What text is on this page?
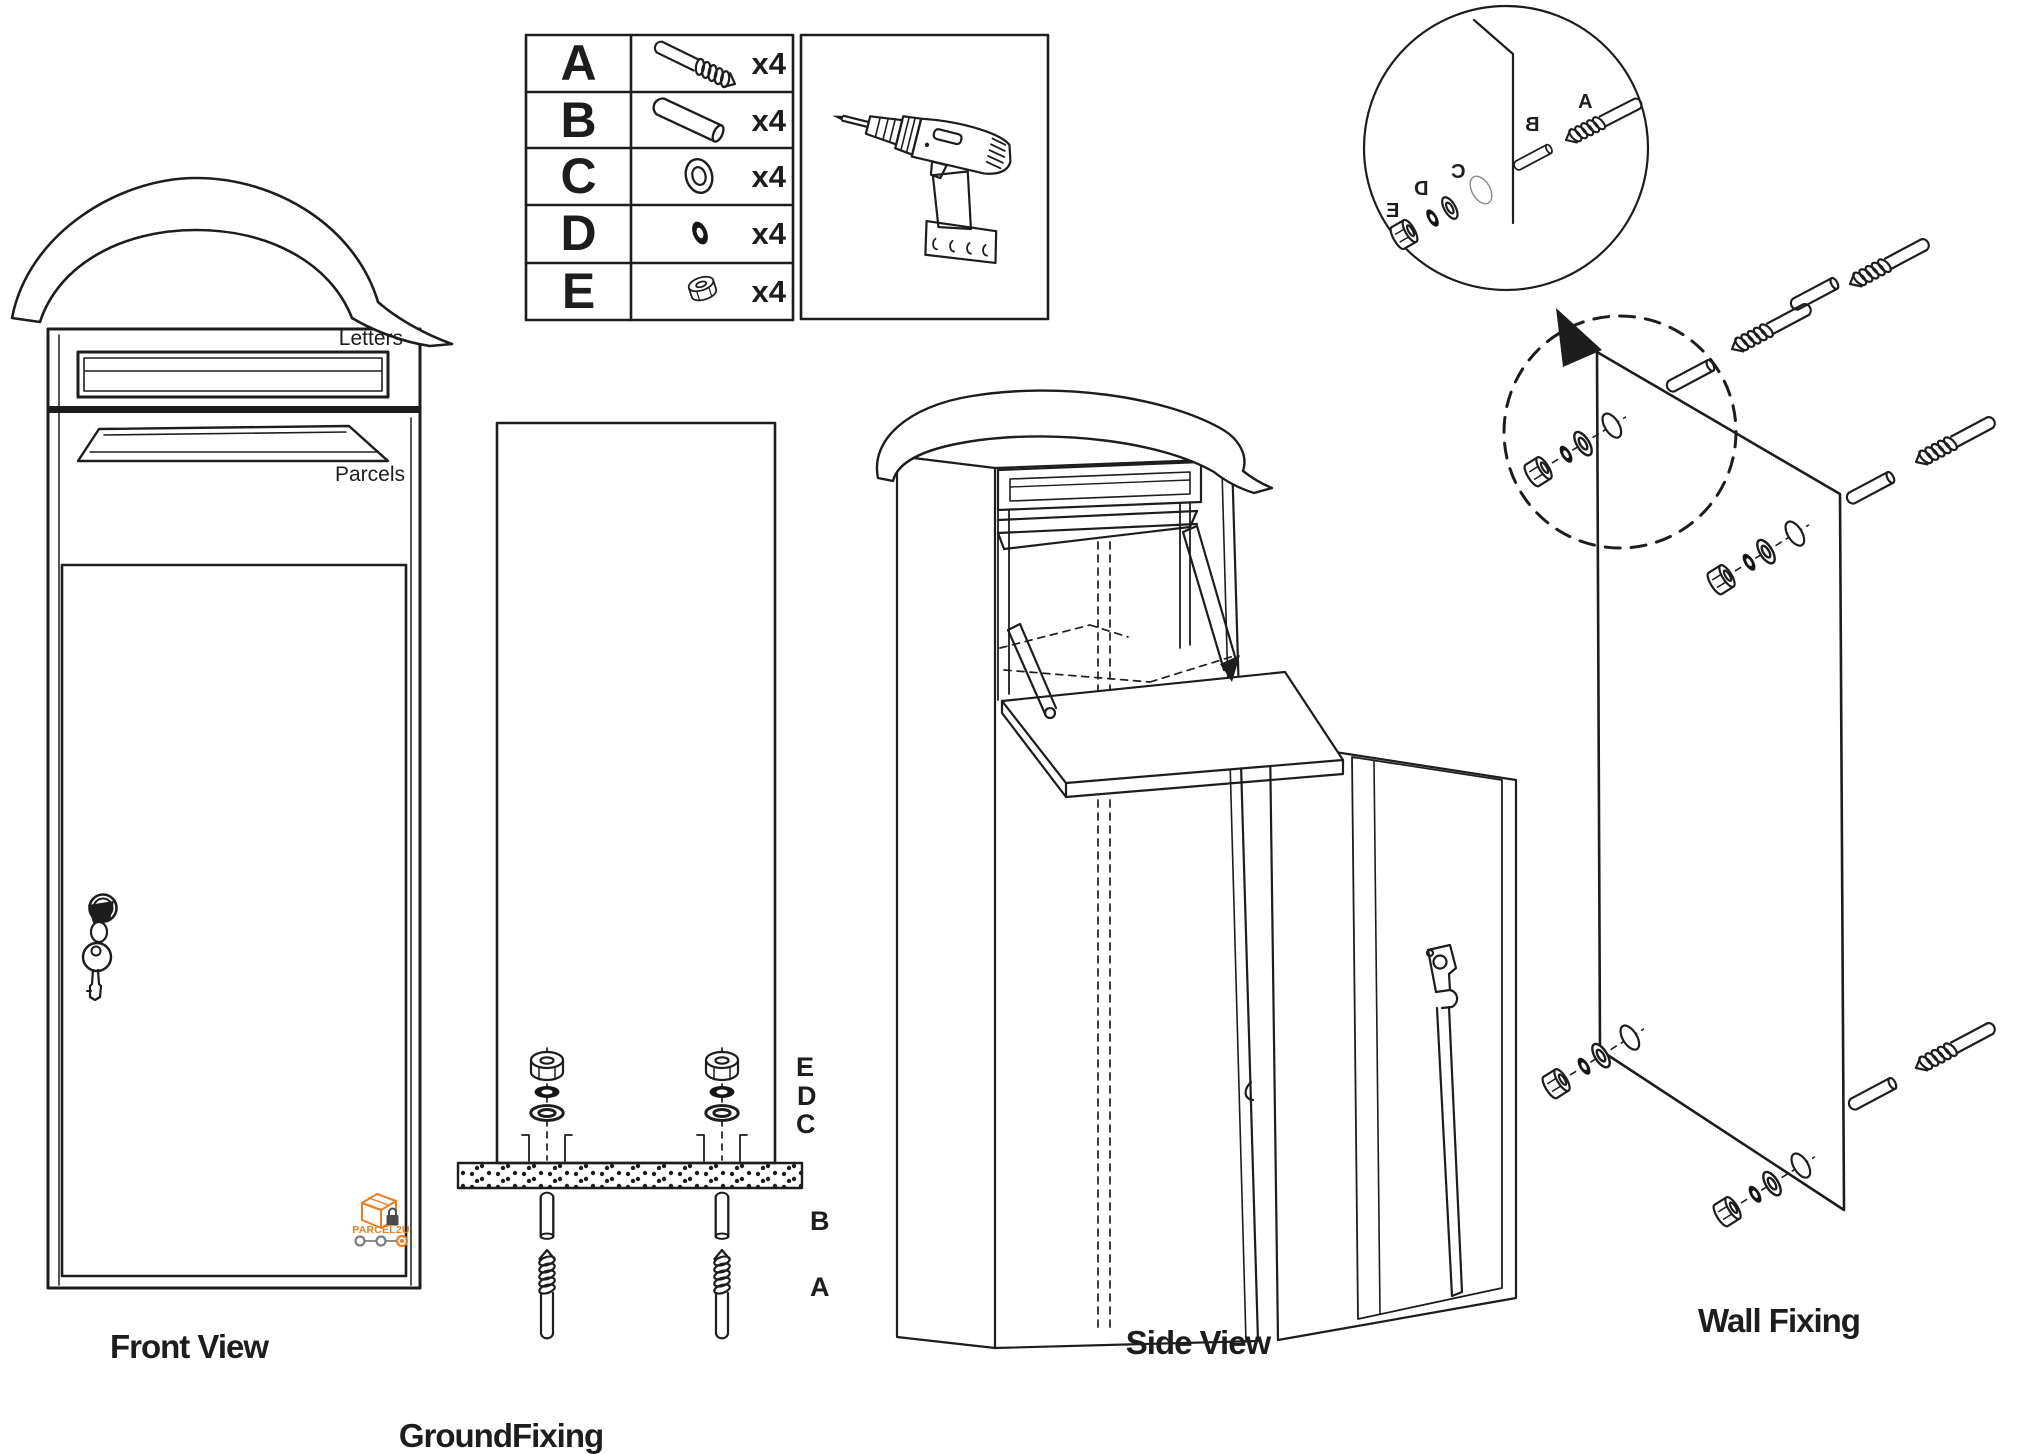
Letters
Parcels
A
B
C
D
E
x4
x4
x4
x4
x4
E
D
C
B
A
E
D
C
B
A
PARCEL2U
Front View
GroundFixing
Side View
Wall Fixing
